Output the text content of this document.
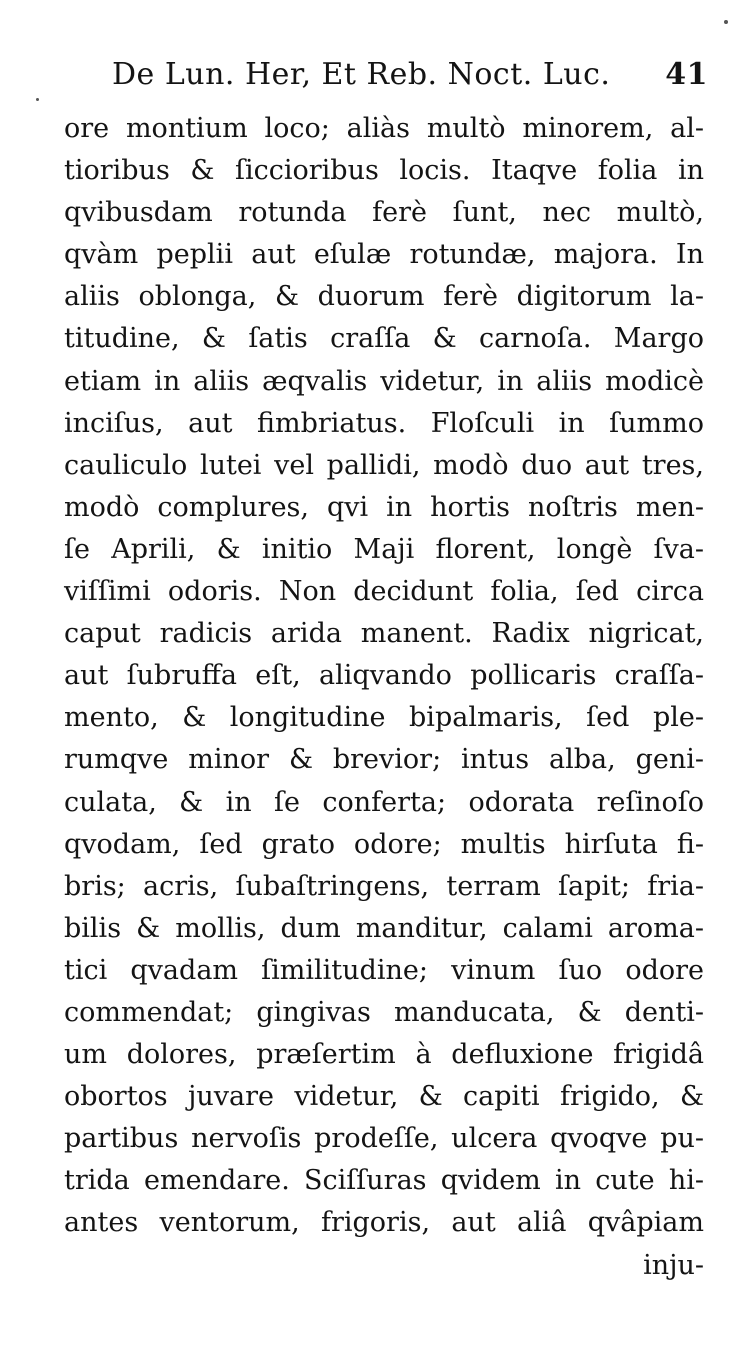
De Lun. Her, Et Reb. Noct. Luc. 41
ore montium loco; aliàs multò minorem, al-
tioribus & ſiccioribus locis. Itaqve folia in
qvibusdam rotunda ferè ſunt, nec multò,
qvàm peplii aut eſulæ rotundæ, majora. In
aliis oblonga, & duorum ferè digitorum la-
titudine, & ſatis craſſa & carnoſa. Margo
etiam in aliis æqvalis videtur, in aliis modicè
inciſus, aut fimbriatus. Floſculi in ſummo
cauliculo lutei vel pallidi, modò duo aut tres,
modò complures, qvi in hortis noſtris men-
ſe Aprili, & initio Maji florent, longè ſva-
viſſimi odoris. Non decidunt folia, ſed circa
caput radicis arida manent. Radix nigricat,
aut ſubruffa eſt, aliqvando pollicaris craſſa-
mento, & longitudine bipalmaris, ſed ple-
rumqve minor & brevior; intus alba, geni-
culata, & in ſe conferta; odorata reſinoſo
qvodam, ſed grato odore; multis hirſuta fi-
bris; acris, ſubaſtringens, terram ſapit; fria-
bilis & mollis, dum manditur, calami aroma-
tici qvadam ſimilitudine; vinum ſuo odore
commendat; gingivas manducata, & denti-
um dolores, præſertim à defluxione frigidâ
obortos juvare videtur, & capiti frigido, &
partibus nervoſis prodeſſe, ulcera qvoqve pu-
trida emendare. Sciſſuras qvidem in cute hi-
antes ventorum, frigoris, aut aliâ qvâpiam
inju-
